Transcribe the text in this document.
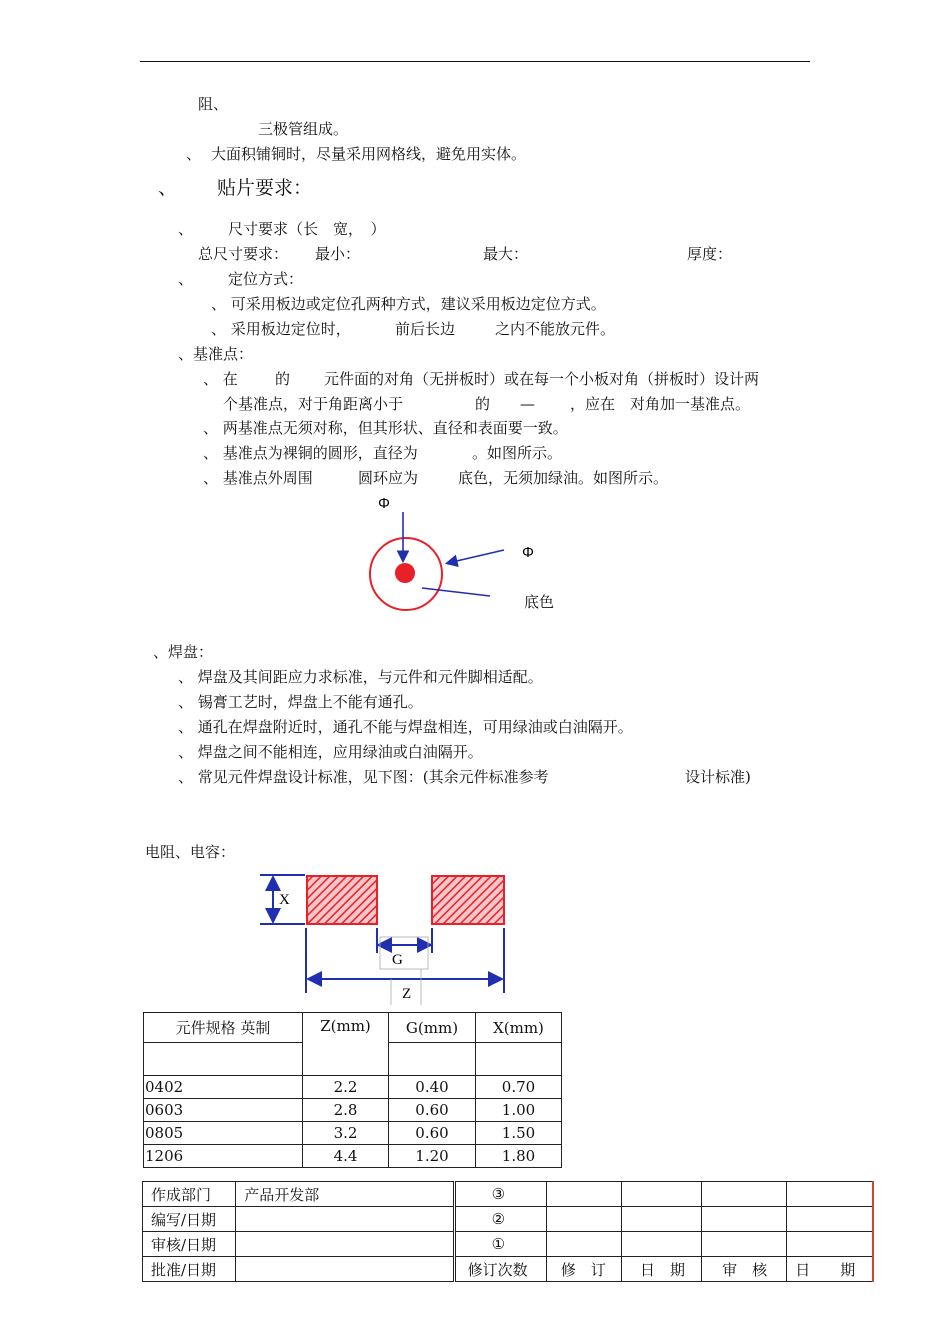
阻、
三极管组成。
、 大面积铺铜时，尽量采用网格线，避免用实体。
、 贴片要求：
、 尺寸要求（长　宽，　）
总尺寸要求： 最小：	最大：	厚度：
、 定位方式：
、 可采用板边或定位孔两种方式，建议采用板边定位方式。
、 采用板边定位时，	前后长边	之内不能放元件。
、基准点：
、 在 的 元件面的对角（无拼板时）或在每一个小板对角（拼板时）设计两
个基准点，对于角距离小于	的 — ，应在 对角加一基准点。
、 两基准点无须对称，但其形状、直径和表面要一致。
、 基准点为裸铜的圆形，直径为	。如图所示。
、 基准点外周围	圆环应为	底色，无须加绿油。如图所示。
Φ
Φ
底色
、焊盘：
、 焊盘及其间距应力求标准，与元件和元件脚相适配。
、 锡膏工艺时，焊盘上不能有通孔。
、 通孔在焊盘附近时，通孔不能与焊盘相连，可用绿油或白油隔开。
、 焊盘之间不能相连，应用绿油或白油隔开。
、 常见元件焊盘设计标准，见下图：(其余元件标准参考	设计标准)
电阻、电容：
X
G
Z
元件规格 英制	Z(mm)	G(mm)	X(mm)

0402	2.2	0.40	0.70
0603	2.8	0.60	1.00
0805	3.2	0.60	1.50
1206	4.4	1.20	1.80
作成部门	产品开发部	③				
编写/日期		②				
审核/日期		①				
批准/日期		修订次数	修　订	日　期	审　核	日　　期
